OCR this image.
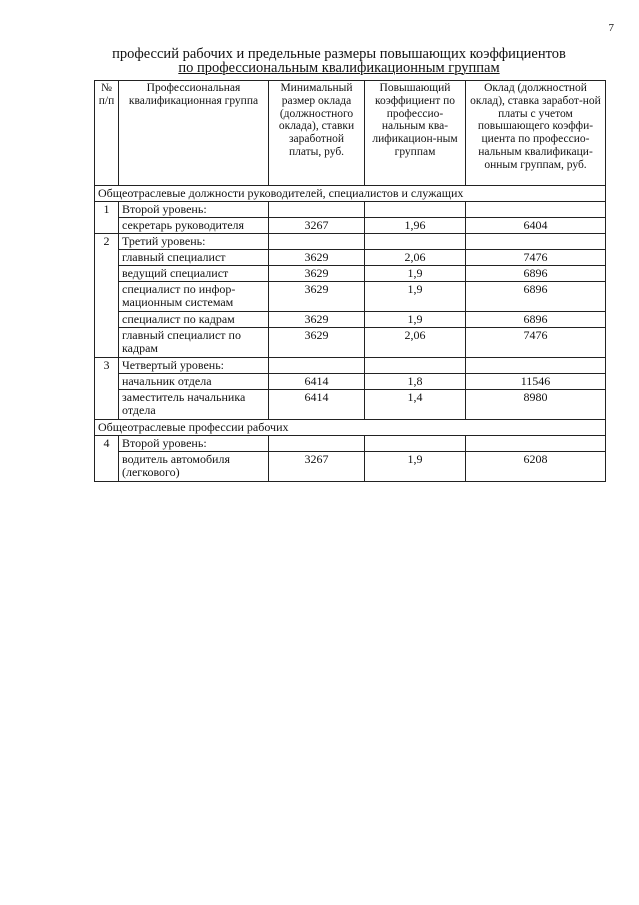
7
профессий рабочих и предельные размеры повышающих коэффициентов
по профессиональным квалификационным группам
№ п/п	Профессиональная квалификационная группа	Минимальный размер оклада (должностного оклада), ставки заработной платы, руб.	Повышающий коэффициент по профессио-нальным ква-лификацион-ным группам	Оклад (должностной оклад), ставка заработ-ной платы с учетом повышающего коэффи-циента по профессио-нальным квалификаци-онным группам, руб.
Общеотраслевые должности руководителей, специалистов и служащих				
1	Второй уровень:			
	секретарь руководителя	3267	1,96	6404
2	Третий уровень:			
	главный специалист	3629	2,06	7476
	ведущий специалист	3629	1,9	6896
	специалист по инфор-мационным системам	3629	1,9	6896
	специалист по кадрам	3629	1,9	6896
	главный специалист по кадрам	3629	2,06	7476
3	Четвертый уровень:			
	начальник отдела	6414	1,8	11546
	заместитель начальника отдела	6414	1,4	8980
Общеотраслевые профессии рабочих				
4	Второй уровень:			
	водитель автомобиля (легкового)	3267	1,9	6208
